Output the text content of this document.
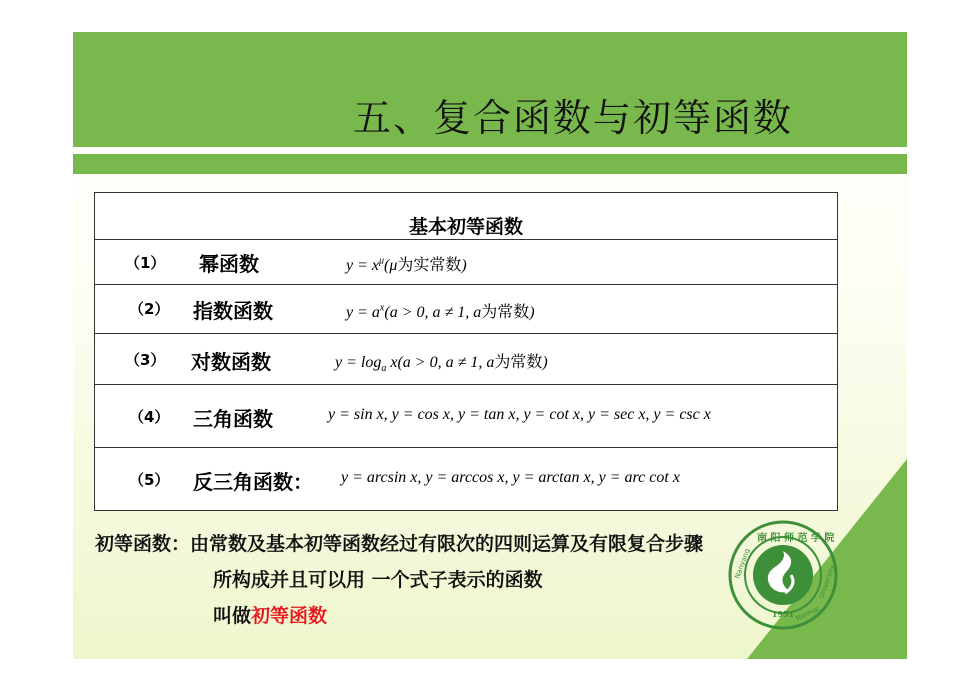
五、复合函数与初等函数
基本初等函数
（1） 幂函数	$y = x^\mu(\mu$为实常数)
（2） 指数函数	$y = a^x(a > 0$, a ≠ 1, a为常数)
（3） 对数函数	$y = \log_a x(a > 0$, a ≠ 1, a为常数)
（4） 三角函数	y = sin x, y = cos x, y = tan x, y = cot x, y = sec x, y = csc x
（5） 反三角函数： y = arcsin x, y = arccos x, y = arctan x, y = arc cot x
初等函数：由常数及基本初等函数经过有限次的四则运算及有限复合步骤
所构成并且可以用 一个式子表示的函数
叫做初等函数	1951
Nanyang
Normal
University
南 阳 师 范 学 院
